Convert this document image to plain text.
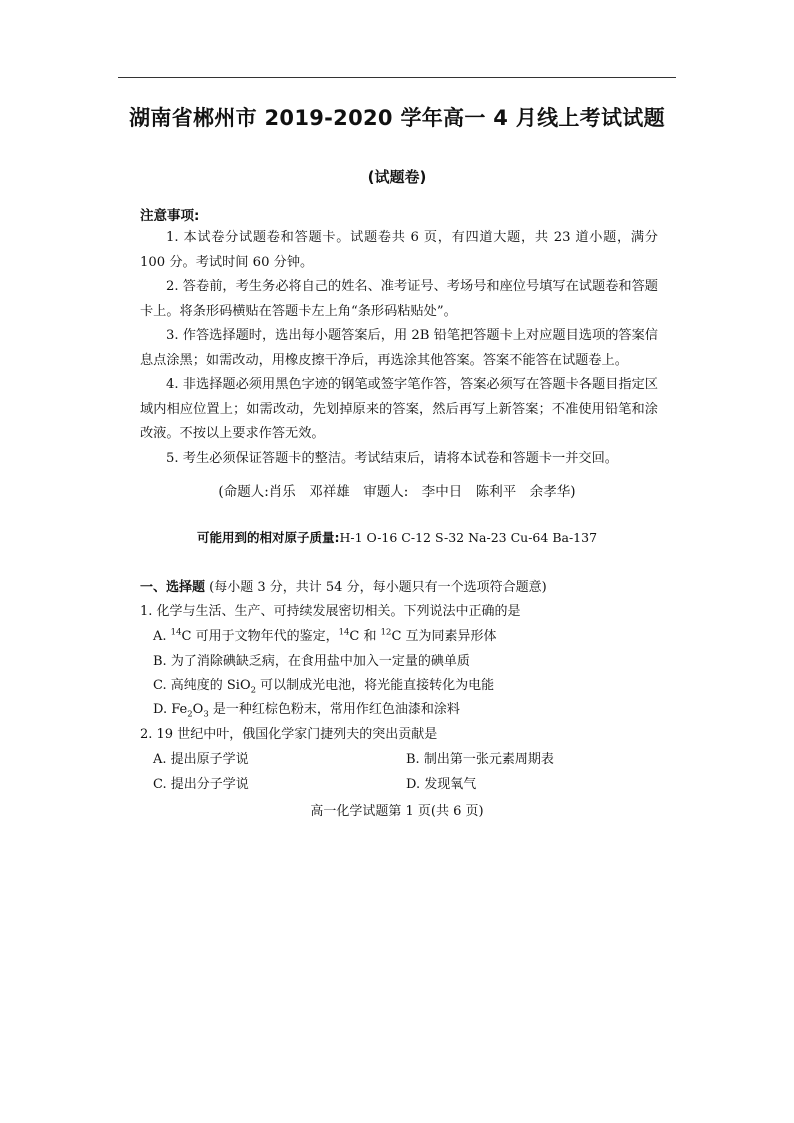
湖南省郴州市 2019-2020 学年高一 4 月线上考试试题
(试题卷)
注意事项:

1. 本试卷分试题卷和答题卡。试题卷共 6 页，有四道大题，共 23 道小题，满分 100 分。考试时间 60 分钟。

2. 答卷前，考生务必将自己的姓名、准考证号、考场号和座位号填写在试题卷和答题卡上。将条形码横贴在答题卡左上角“条形码粘贴处”。

3. 作答选择题时，选出每小题答案后，用 2B 铅笔把答题卡上对应题目选项的答案信息点涂黑；如需改动，用橡皮擦干净后，再选涂其他答案。答案不能答在试题卷上。

4. 非选择题必须用黑色字迹的钢笔或签字笔作答，答案必须写在答题卡各题目指定区域内相应位置上；如需改动，先划掉原来的答案，然后再写上新答案；不准使用铅笔和涂改液。不按以上要求作答无效。

5. 考生必须保证答题卡的整洁。考试结束后，请将本试卷和答题卡一并交回。

(命题人:肖乐　邓祥雄　审题人:　李中日　陈利平　余孝华)
可能用到的相对原子质量:H-1 O-16 C-12 S-32 Na-23 Cu-64 Ba-137
一、选择题 (每小题 3 分，共计 54 分，每小题只有一个选项符合题意)
1. 化学与生活、生产、可持续发展密切相关。下列说法中正确的是
A. $^{14}$C 可用于文物年代的鉴定，$^{14}$C 和 $^{12}$C 互为同素异形体
B. 为了消除碘缺乏病，在食用盐中加入一定量的碘单质
C. 高纯度的 SiO$_2$ 可以制成光电池，将光能直接转化为电能
D. $Fe_2O_3$ 是一种红棕色粉末，常用作红色油漆和涂料
2. 19 世纪中叶，俄国化学家门捷列夫的突出贡献是
A. 提出原子学说	B. 制出第一张元素周期表
C. 提出分子学说	D. 发现氧气
高一化学试题第 1 页(共 6 页)
